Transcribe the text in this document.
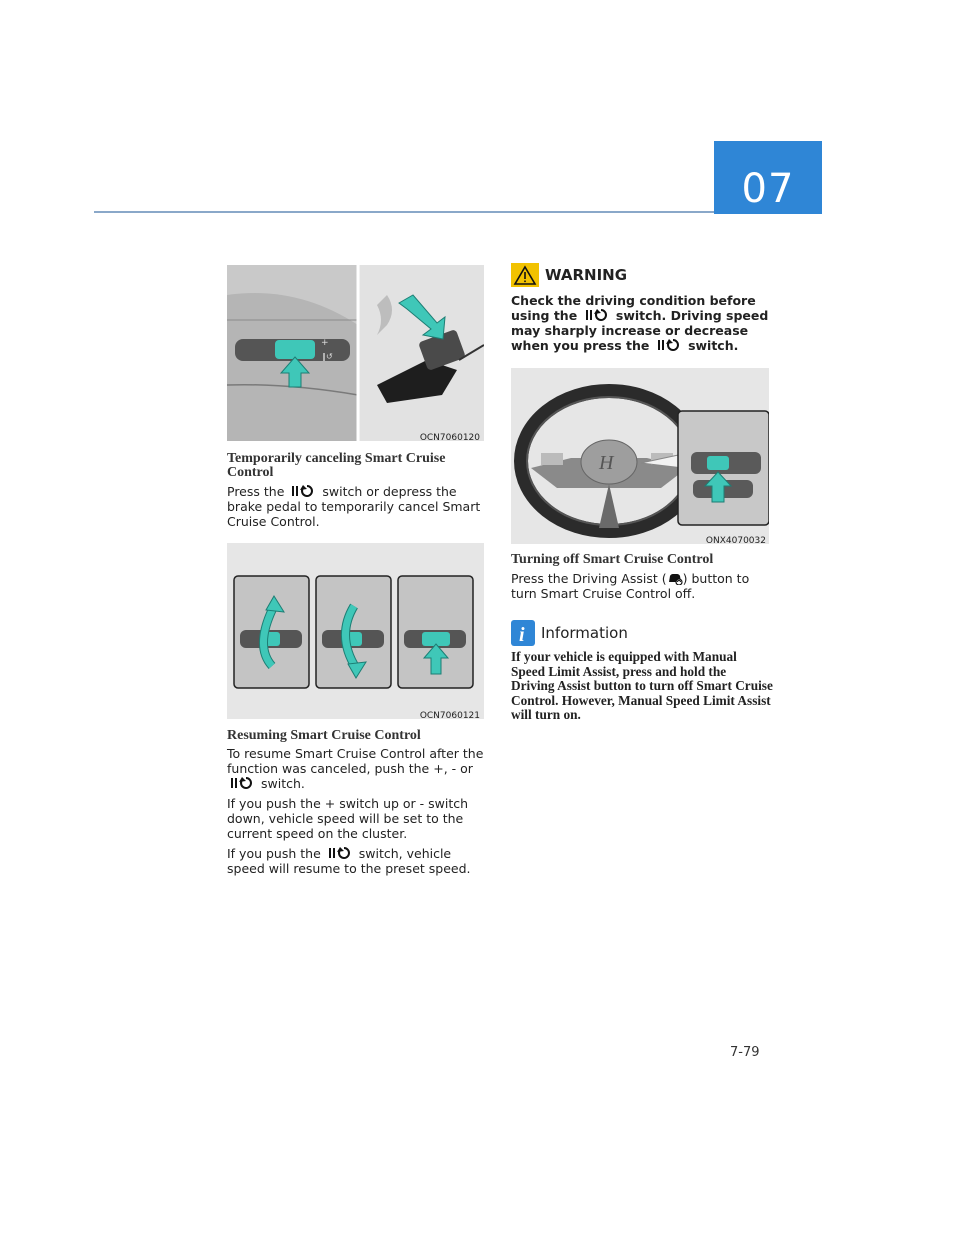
07
+
‖↺
OCN7060120
Temporarily canceling Smart Cruise Control

Press the	switch or depress the brake pedal to temporarily cancel Smart Cruise Control.

OCN7060121
Resuming Smart Cruise Control

To resume Smart Cruise Control after the function was canceled, push the +, - or  switch.

If you push the + switch up or - switch down, vehicle speed will be set to the current speed on the cluster.

If you push the	switch, vehicle speed will resume to the preset speed.

WARNING
Check the driving condition before using the	switch. Driving speed may sharply increase or decrease when you press the	switch.
H
ONX4070032
Turning off Smart Cruise Control

Press the Driving Assist ( ) button to turn Smart Cruise Control off.

i Information
If your vehicle is equipped with Manual Speed Limit Assist, press and hold the Driving Assist button to turn off Smart Cruise Control. However, Manual Speed Limit Assist will turn on.
7-79
